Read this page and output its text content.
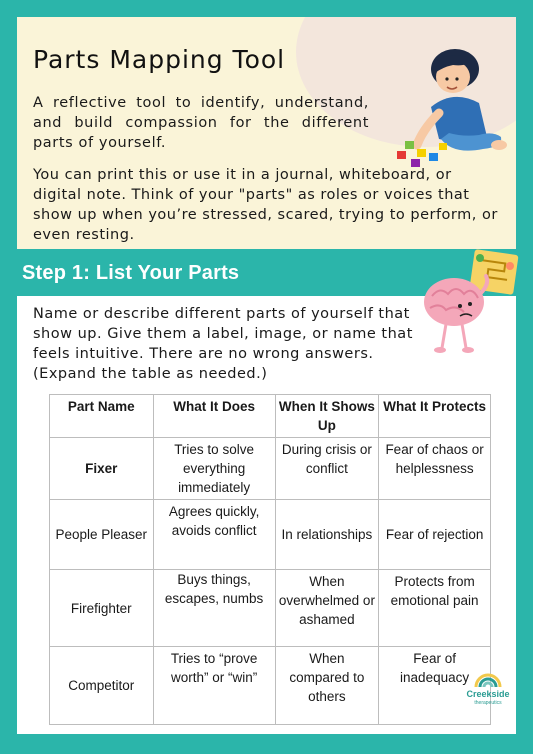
Parts Mapping Tool
A reflective tool to identify, understand, and build compassion for the different parts of yourself.
You can print this or use it in a journal, whiteboard, or digital note. Think of your "parts" as roles or voices that show up when you’re stressed, scared, trying to perform, or even resting.
Step 1: List Your Parts
Name or describe different parts of yourself that show up. Give them a label, image, or name that feels intuitive. There are no wrong answers. (Expand the table as needed.)
Part Name	What It Does	When It Shows Up	What It Protects
Fixer	Tries to solve everything immediately	During crisis or conflict	Fear of chaos or helplessness
People Pleaser	Agrees quickly, avoids conflict	In relationships	Fear of rejection
Firefighter	Buys things, escapes, numbs	When overwhelmed or ashamed	Protects from emotional pain
Competitor	Tries to “prove worth” or “win”	When compared to others	Fear of inadequacy
Creekside
therapeutics
